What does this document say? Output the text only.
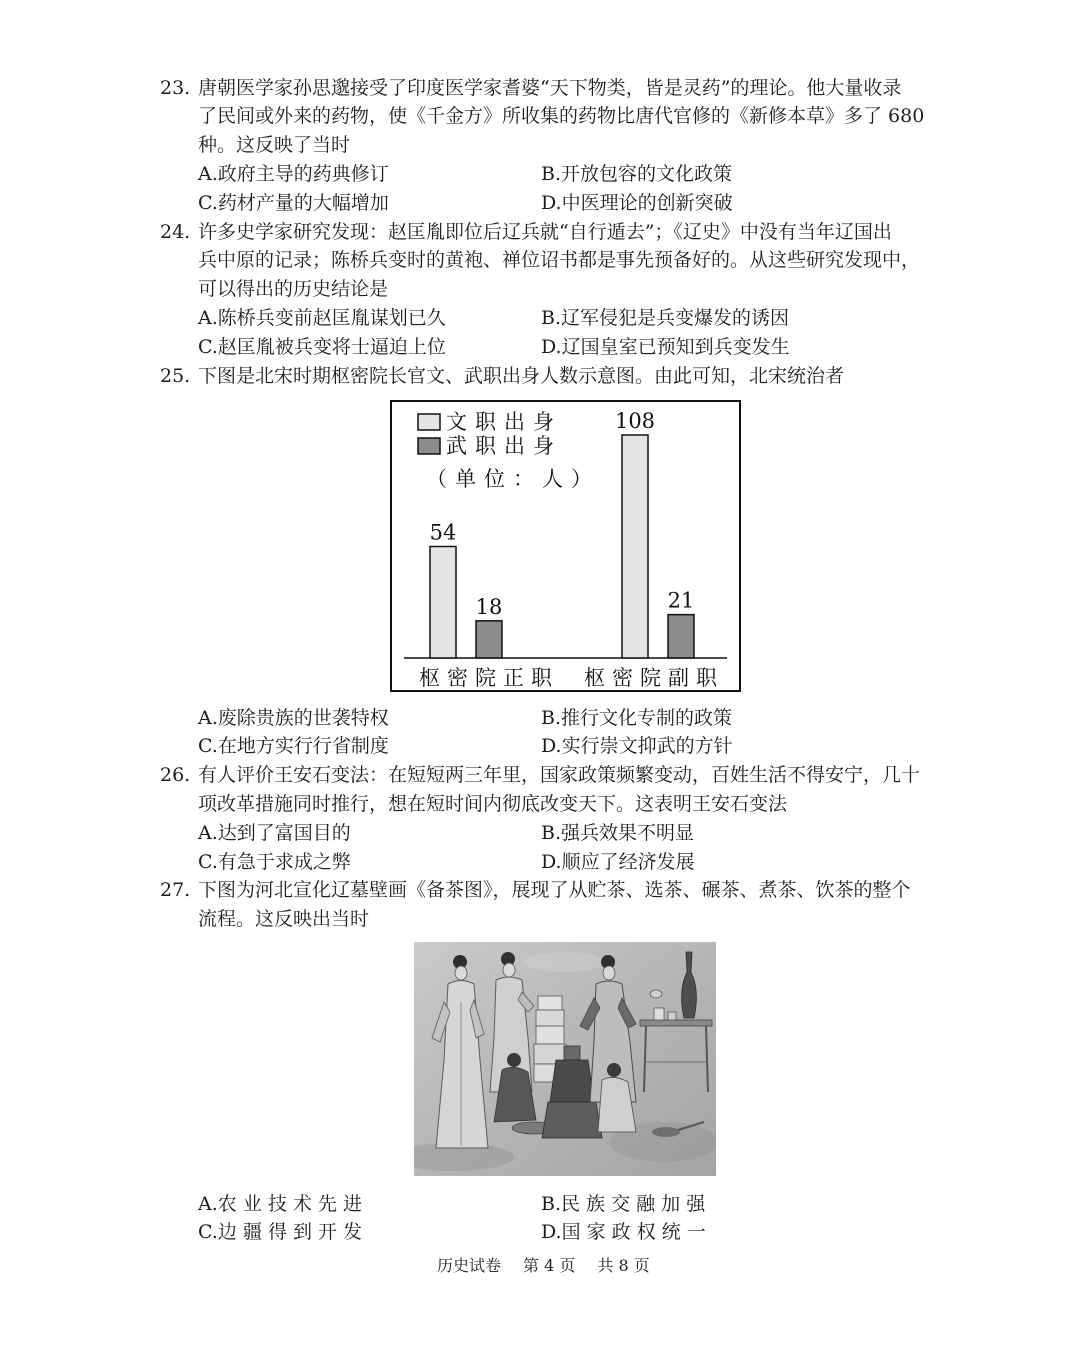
23. 唐朝医学家孙思邈接受了印度医学家耆婆“天下物类，皆是灵药”的理论。他大量收录
了民间或外来的药物，使《千金方》所收集的药物比唐代官修的《新修本草》多了 680
种。这反映了当时
A.政府主导的药典修订	B.开放包容的文化政策
C.药材产量的大幅增加	D.中医理论的创新突破
24. 许多史学家研究发现：赵匡胤即位后辽兵就“自行遁去”；《辽史》中没有当年辽国出
兵中原的记录；陈桥兵变时的黄袍、禅位诏书都是事先预备好的。从这些研究发现中，
可以得出的历史结论是
A.陈桥兵变前赵匡胤谋划已久	B.辽军侵犯是兵变爆发的诱因
C.赵匡胤被兵变将士逼迫上位	D.辽国皇室已预知到兵变发生
25. 下图是北宋时期枢密院长官文、武职出身人数示意图。由此可知，北宋统治者
文职出身
武职出身
（单位：人）
54
18
108
21
枢密院正职 枢密院副职
A.废除贵族的世袭特权	B.推行文化专制的政策
C.在地方实行行省制度	D.实行崇文抑武的方针
26. 有人评价王安石变法：在短短两三年里，国家政策频繁变动，百姓生活不得安宁，几十
项改革措施同时推行，想在短时间内彻底改变天下。这表明王安石变法
A.达到了富国目的	B.强兵效果不明显
C.有急于求成之弊	D.顺应了经济发展
27. 下图为河北宣化辽墓壁画《备茶图》，展现了从贮茶、选茶、碾茶、煮茶、饮茶的整个
流程。这反映出当时
A.农 业 技 术 先 进	B.民 族 交 融 加 强
C.边 疆 得 到 开 发	D.国 家 政 权 统 一
历史试卷 第 4 页 共 8 页
